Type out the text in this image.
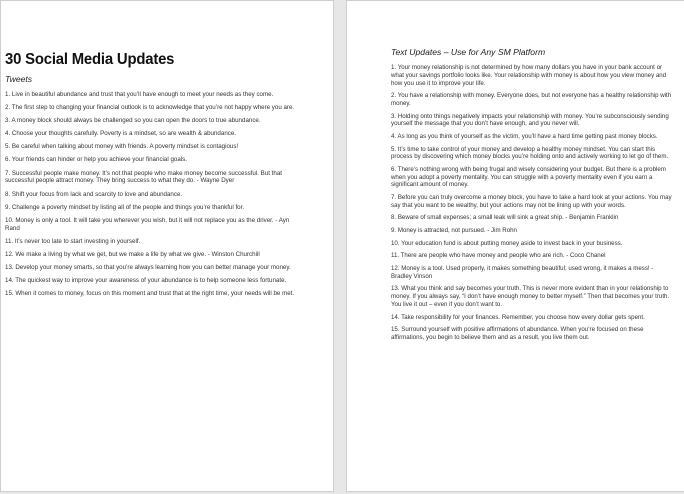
30 Social Media Updates
Tweets
1. Live in beautiful abundance and trust that you’ll have enough to meet your needs as they come.
2. The first step to changing your financial outlook is to acknowledge that you’re not happy where you are.
3. A money block should always be challenged so you can open the doors to true abundance.
4. Choose your thoughts carefully. Poverty is a mindset, so are wealth & abundance.
5. Be careful when talking about money with friends. A poverty mindset is contagious!
6. Your friends can hinder or help you achieve your financial goals.
7. Successful people make money. It’s not that people who make money become successful. But that successful people attract money. They bring success to what they do. - Wayne Dyer
8. Shift your focus from lack and scarcity to love and abundance.
9. Challenge a poverty mindset by listing all of the people and things you’re thankful for.
10. Money is only a tool. It will take you wherever you wish, but it will not replace you as the driver. - Ayn Rand
11. It’s never too late to start investing in yourself.
12. We make a living by what we get, but we make a life by what we give. - Winston Churchill
13. Develop your money smarts, so that you’re always learning how you can better manage your money.
14. The quickest way to improve your awareness of your abundance is to help someone less fortunate.
15. When it comes to money, focus on this moment and trust that at the right time, your needs will be met.
Text Updates – Use for Any SM Platform
1. Your money relationship is not determined by how many dollars you have in your bank account or what your savings portfolio looks like. Your relationship with money is about how you view money and how you use it to improve your life.
2. You have a relationship with money. Everyone does, but not everyone has a healthy relationship with money.
3. Holding onto things negatively impacts your relationship with money. You’re subconsciously sending yourself the message that you don’t have enough, and you never will.
4. As long as you think of yourself as the victim, you’ll have a hard time getting past money blocks.
5. It’s time to take control of your money and develop a healthy money mindset. You can start this process by discovering which money blocks you’re holding onto and actively working to let go of them.
6. There’s nothing wrong with being frugal and wisely considering your budget. But there is a problem when you adopt a poverty mentality. You can struggle with a poverty mentality even if you earn a significant amount of money.
7. Before you can truly overcome a money block, you have to take a hard look at your actions. You may say that you want to be wealthy, but your actions may not be lining up with your words.
8. Beware of small expenses; a small leak will sink a great ship. - Benjamin Franklin
9. Money is attracted, not pursued. - Jim Rohn
10. Your education fund is about putting money aside to invest back in your business.
11. There are people who have money and people who are rich. - Coco Chanel
12. Money is a tool. Used properly, it makes something beautiful; used wrong, it makes a mess! - Bradley Vinson
13. What you think and say becomes your truth. This is never more evident than in your relationship to money. If you always say, “I don’t have enough money to better myself.” Then that becomes your truth. You live it out – even if you don’t want to.
14. Take responsibility for your finances. Remember, you choose how every dollar gets spent.
15. Surround yourself with positive affirmations of abundance. When you’re focused on these affirmations, you begin to believe them and as a result, you live them out.
